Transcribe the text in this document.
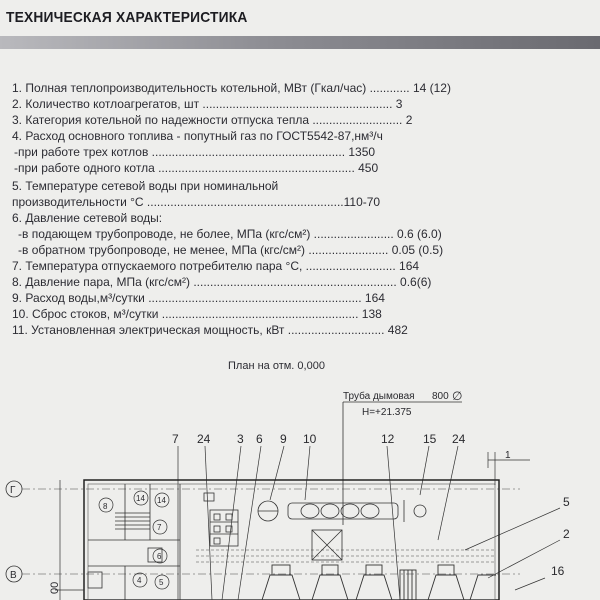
ТЕХНИЧЕСКАЯ ХАРАКТЕРИСТИКА
1. Полная теплопроизводительность котельной, МВт (Гкал/час) ............ 14 (12)
2. Количество котлоагрегатов, шт ......................................................... 3
3. Категория котельной по надежности отпуска тепла ........................... 2
4. Расход основного топлива - попутный газ по ГОСТ5542-87,нм³/ч
-при работе трех котлов .......................................................... 1350
-при работе одного котла ........................................................... 450
5. Температуре сетевой воды при номинальной
производительности °С ...........................................................110-70
6. Давление сетевой воды:
-в подающем трубопроводе, не более, МПа (кгс/см²) ........................ 0.6 (6.0)
-в обратном трубопроводе, не менее, МПа (кгс/см²) ........................ 0.05 (0.5)
7. Температура отпускаемого потребителю пара °С, ........................... 164
8. Давление пара, МПа (кгс/см²) ............................................................. 0.6(6)
9. Расход воды,м³/сутки ................................................................ 164
10. Сброс стоков, м³/сутки ........................................................... 138
11. Установленная электрическая мощность, кВт ............................. 482
План на отм. 0,000
Труба дымовая 800 ∅
H=+21.375
7 24 3 6 9 10	12 15 24
1
5
2
16
Г
В
8
14 14
7
6
4 5
00
